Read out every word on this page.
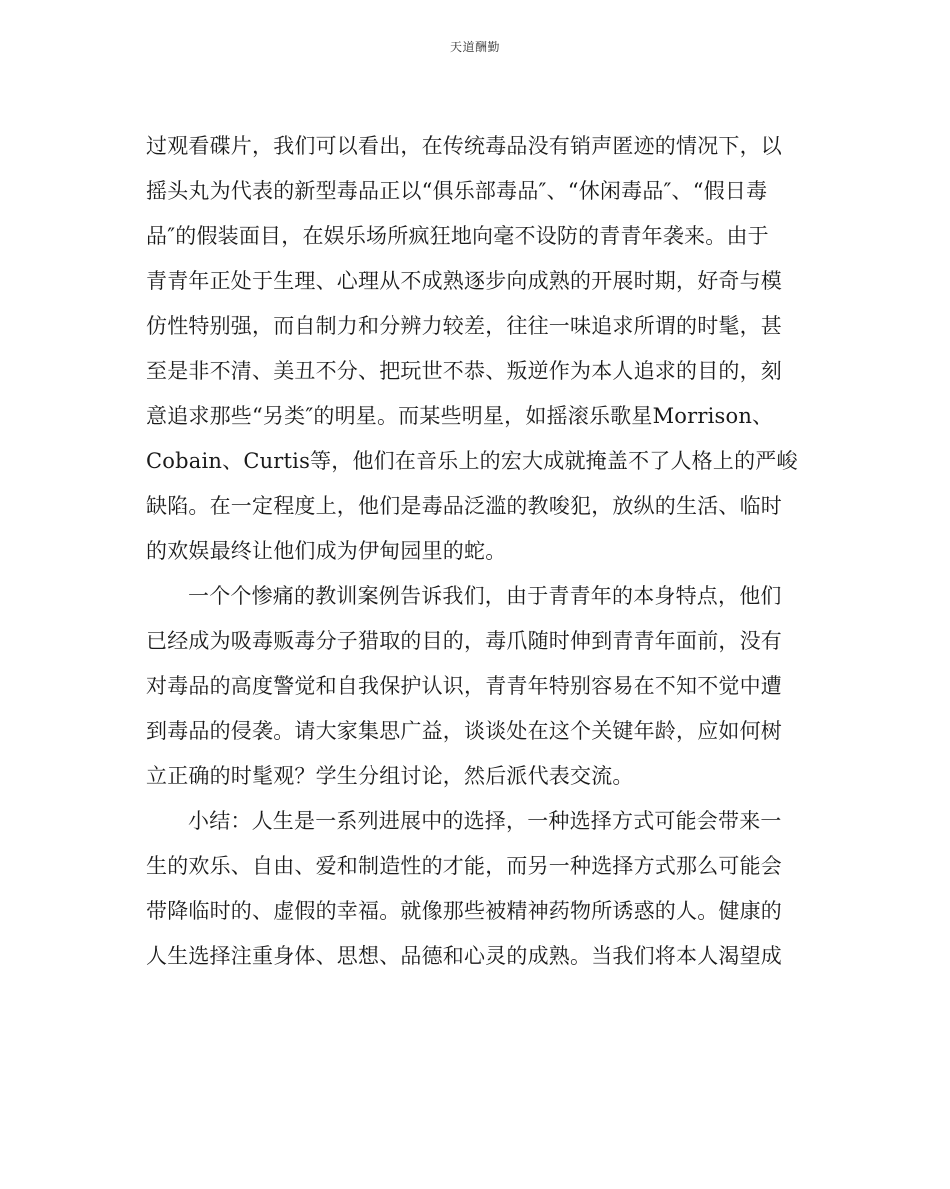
天道酬勤
过观看碟片，我们可以看出，在传统毒品没有销声匿迹的情况下，以
摇头丸为代表的新型毒品正以“俱乐部毒品″、“休闲毒品″、“假日毒
品″的假装面目，在娱乐场所疯狂地向毫不设防的青青年袭来。由于
青青年正处于生理、心理从不成熟逐步向成熟的开展时期，好奇与模
仿性特别强，而自制力和分辨力较差，往往一味追求所谓的时髦，甚
至是非不清、美丑不分、把玩世不恭、叛逆作为本人追求的目的，刻
意追求那些“另类″的明星。而某些明星，如摇滚乐歌星Morrison、
Cobain、Curtis等，他们在音乐上的宏大成就掩盖不了人格上的严峻
缺陷。在一定程度上，他们是毒品泛滥的教唆犯，放纵的生活、临时
的欢娱最终让他们成为伊甸园里的蛇。
一个个惨痛的教训案例告诉我们，由于青青年的本身特点，他们
已经成为吸毒贩毒分子猎取的目的，毒爪随时伸到青青年面前，没有
对毒品的高度警觉和自我保护认识，青青年特别容易在不知不觉中遭
到毒品的侵袭。请大家集思广益，谈谈处在这个关键年龄，应如何树
立正确的时髦观？学生分组讨论，然后派代表交流。
小结：人生是一系列进展中的选择，一种选择方式可能会带来一
生的欢乐、自由、爱和制造性的才能，而另一种选择方式那么可能会
带降临时的、虚假的幸福。就像那些被精神药物所诱惑的人。健康的
人生选择注重身体、思想、品德和心灵的成熟。当我们将本人渴望成
